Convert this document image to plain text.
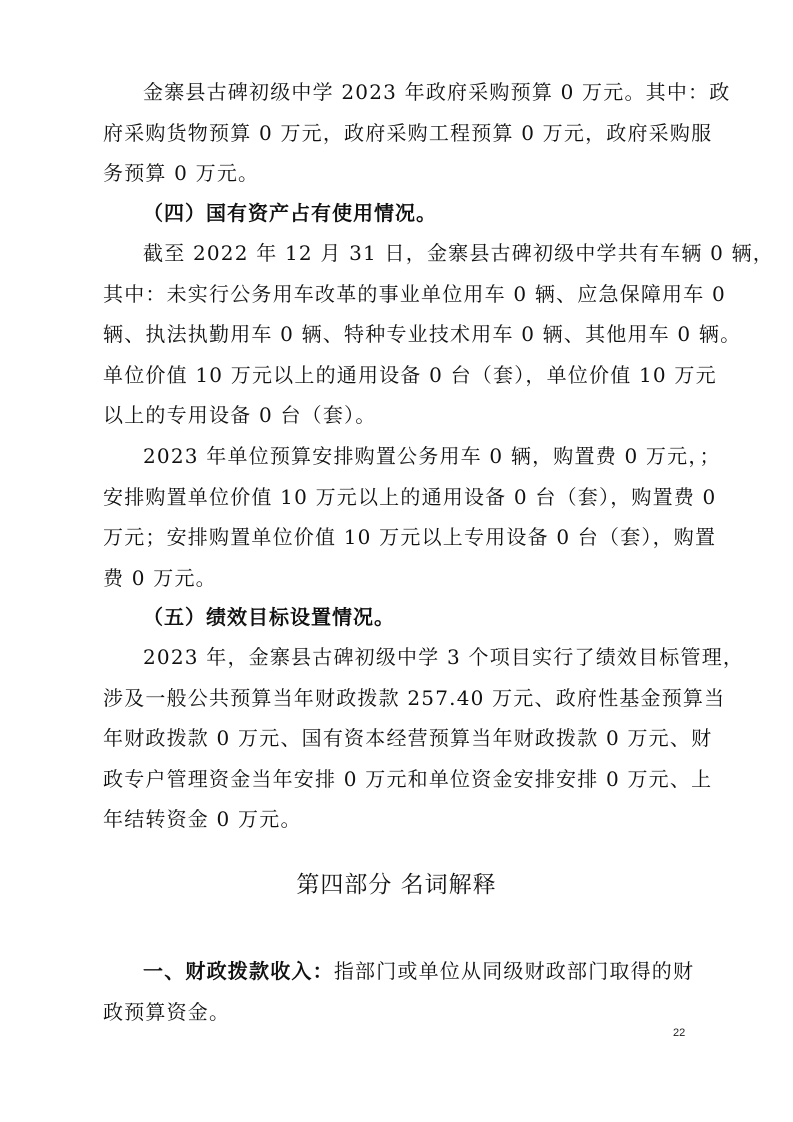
金寨县古碑初级中学 2023 年政府采购预算 0 万元。其中：政
府采购货物预算 0 万元，政府采购工程预算 0 万元，政府采购服
务预算 0 万元。
（四）国有资产占有使用情况。
截至 2022 年 12 月 31 日，金寨县古碑初级中学共有车辆 0 辆，
其中：未实行公务用车改革的事业单位用车 0 辆、应急保障用车 0
辆、执法执勤用车 0 辆、特种专业技术用车 0 辆、其他用车 0 辆。
单位价值 10 万元以上的通用设备 0 台（套），单位价值 10 万元
以上的专用设备 0 台（套）。
2023 年单位预算安排购置公务用车 0 辆，购置费 0 万元，；
安排购置单位价值 10 万元以上的通用设备 0 台（套），购置费 0
万元；安排购置单位价值 10 万元以上专用设备 0 台（套），购置
费 0 万元。
（五）绩效目标设置情况。
2023 年，金寨县古碑初级中学 3 个项目实行了绩效目标管理，
涉及一般公共预算当年财政拨款 257.40 万元、政府性基金预算当
年财政拨款 0 万元、国有资本经营预算当年财政拨款 0 万元、财
政专户管理资金当年安排 0 万元和单位资金安排安排 0 万元、上
年结转资金 0 万元。
第四部分 名词解释
一、财政拨款收入：指部门或单位从同级财政部门取得的财
政预算资金。
22
